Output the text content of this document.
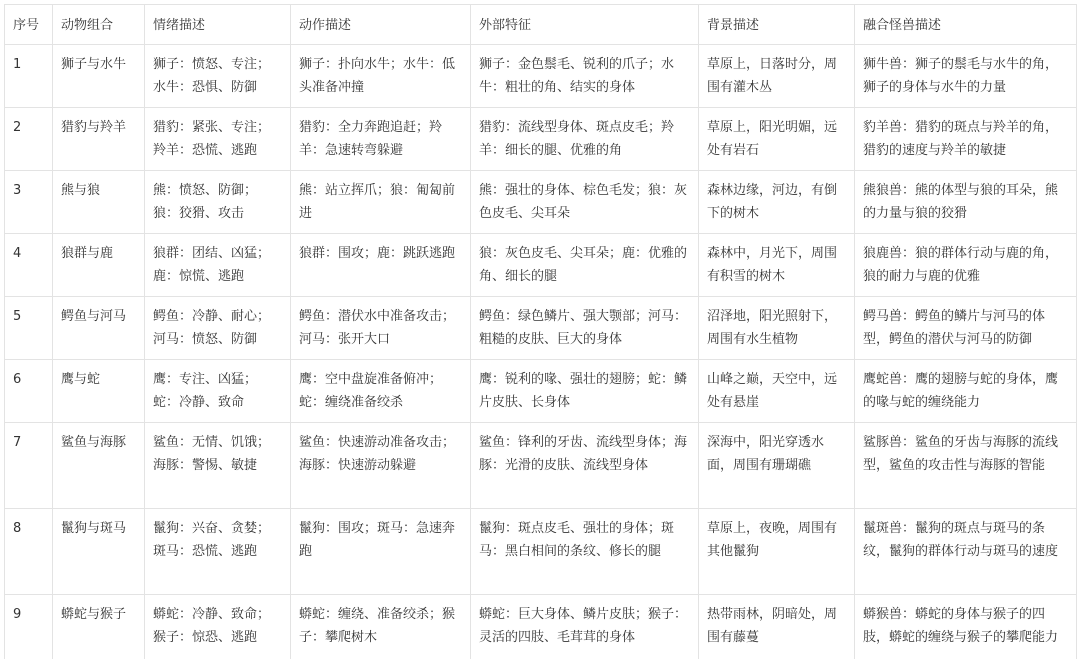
序号	动物组合	情绪描述	动作描述	外部特征	背景描述	融合怪兽描述
1	狮子与水牛	狮子：愤怒、专注；水牛：恐惧、防御	狮子：扑向水牛；水牛：低头准备冲撞	狮子：金色鬃毛、锐利的爪子；水牛：粗壮的角、结实的身体	草原上，日落时分，周围有灌木丛	狮牛兽：狮子的鬃毛与水牛的角，狮子的身体与水牛的力量
2	猎豹与羚羊	猎豹：紧张、专注；羚羊：恐慌、逃跑	猎豹：全力奔跑追赶；羚羊：急速转弯躲避	猎豹：流线型身体、斑点皮毛；羚羊：细长的腿、优雅的角	草原上，阳光明媚，远处有岩石	豹羊兽：猎豹的斑点与羚羊的角，猎豹的速度与羚羊的敏捷
3	熊与狼	熊：愤怒、防御；狼：狡猾、攻击	熊：站立挥爪；狼：匍匐前进	熊：强壮的身体、棕色毛发；狼：灰色皮毛、尖耳朵	森林边缘，河边，有倒下的树木	熊狼兽：熊的体型与狼的耳朵，熊的力量与狼的狡猾
4	狼群与鹿	狼群：团结、凶猛；鹿：惊慌、逃跑	狼群：围攻；鹿：跳跃逃跑	狼：灰色皮毛、尖耳朵；鹿：优雅的角、细长的腿	森林中，月光下，周围有积雪的树木	狼鹿兽：狼的群体行动与鹿的角，狼的耐力与鹿的优雅
5	鳄鱼与河马	鳄鱼：冷静、耐心；河马：愤怒、防御	鳄鱼：潜伏水中准备攻击；河马：张开大口	鳄鱼：绿色鳞片、强大颚部；河马：粗糙的皮肤、巨大的身体	沼泽地，阳光照射下，周围有水生植物	鳄马兽：鳄鱼的鳞片与河马的体型，鳄鱼的潜伏与河马的防御
6	鹰与蛇	鹰：专注、凶猛；蛇：冷静、致命	鹰：空中盘旋准备俯冲；蛇：缠绕准备绞杀	鹰：锐利的喙、强壮的翅膀；蛇：鳞片皮肤、长身体	山峰之巅，天空中，远处有悬崖	鹰蛇兽：鹰的翅膀与蛇的身体，鹰的喙与蛇的缠绕能力
7	鲨鱼与海豚	鲨鱼：无情、饥饿；海豚：警惕、敏捷	鲨鱼：快速游动准备攻击；海豚：快速游动躲避	鲨鱼：锋利的牙齿、流线型身体；海豚：光滑的皮肤、流线型身体	深海中，阳光穿透水面，周围有珊瑚礁	鲨豚兽：鲨鱼的牙齿与海豚的流线型，鲨鱼的攻击性与海豚的智能
8	鬣狗与斑马	鬣狗：兴奋、贪婪；斑马：恐慌、逃跑	鬣狗：围攻；斑马：急速奔跑	鬣狗：斑点皮毛、强壮的身体；斑马：黑白相间的条纹、修长的腿	草原上，夜晚，周围有其他鬣狗	鬣斑兽：鬣狗的斑点与斑马的条纹，鬣狗的群体行动与斑马的速度
9	蟒蛇与猴子	蟒蛇：冷静、致命；猴子：惊恐、逃跑	蟒蛇：缠绕、准备绞杀；猴子：攀爬树木	蟒蛇：巨大身体、鳞片皮肤；猴子：灵活的四肢、毛茸茸的身体	热带雨林，阴暗处，周围有藤蔓	蟒猴兽：蟒蛇的身体与猴子的四肢，蟒蛇的缠绕与猴子的攀爬能力
